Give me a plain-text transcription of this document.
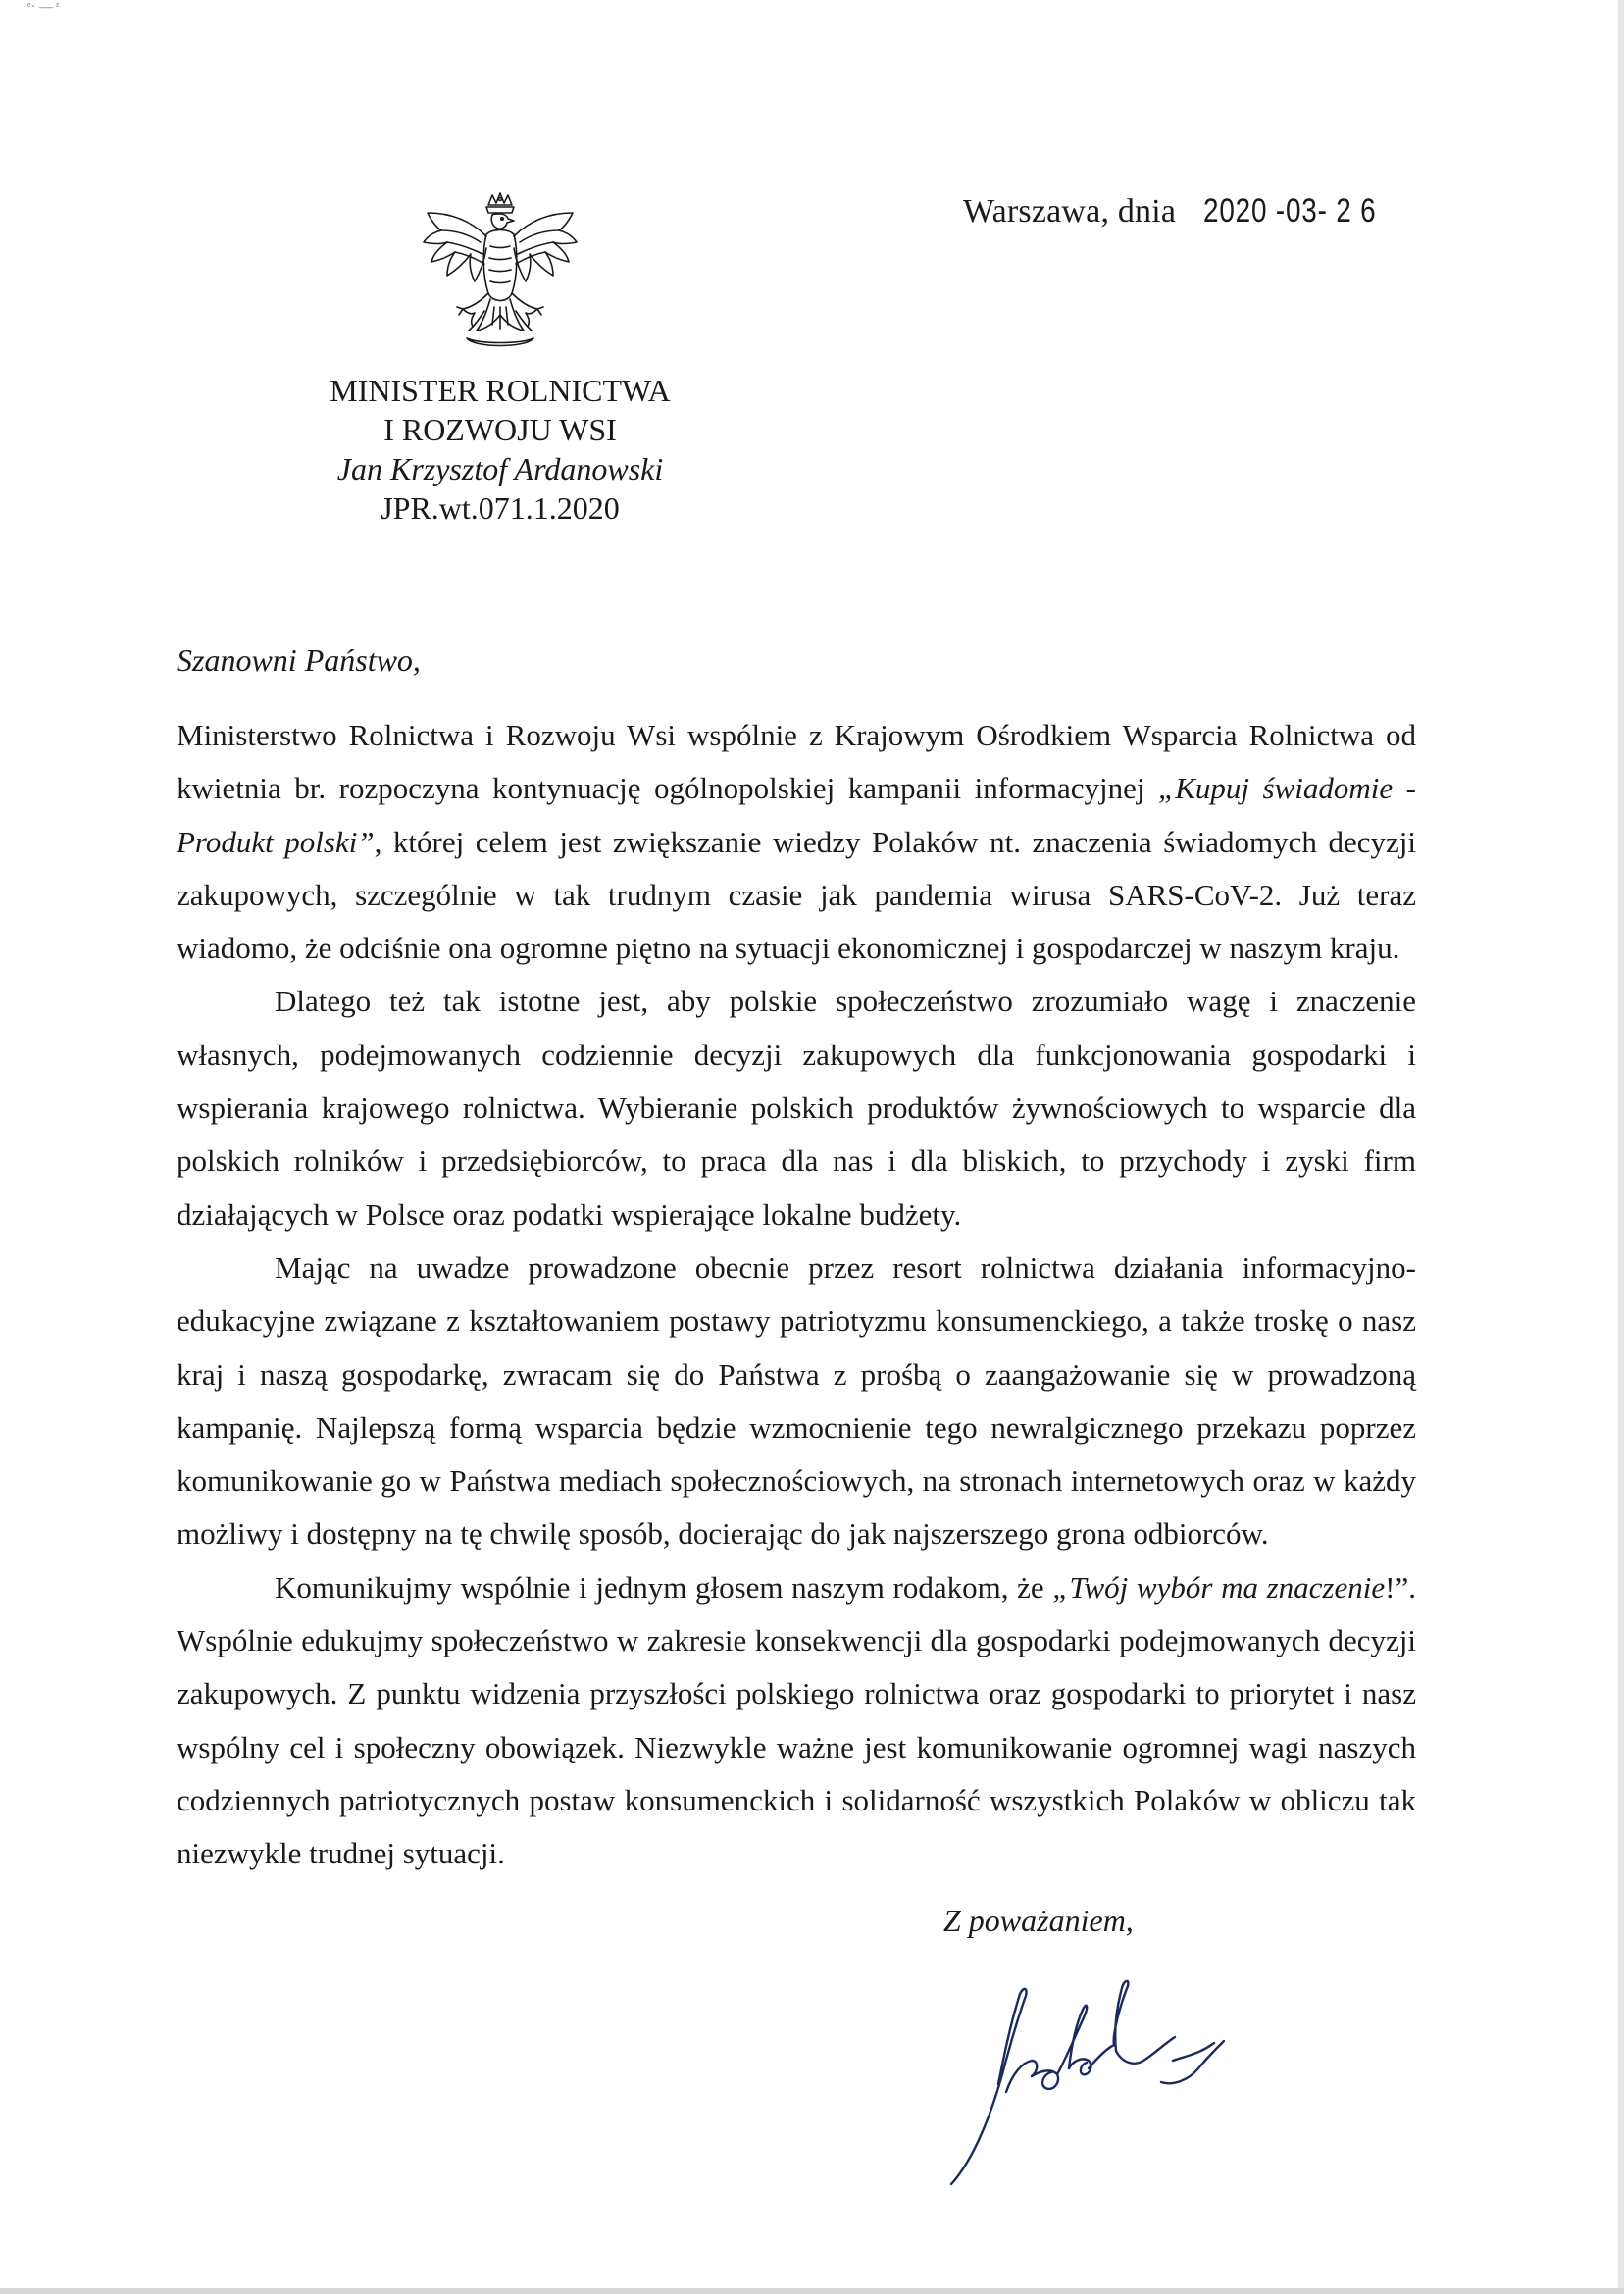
ᵉ· — ᵋ
Warszawa, dnia 2020 -03- 2 6
MINISTER ROLNICTWA
I ROZWOJU WSI
Jan Krzysztof Ardanowski
JPR.wt.071.1.2020
Szanowni Państwo,

Ministerstwo Rolnictwa i Rozwoju Wsi wspólnie z Krajowym Ośrodkiem Wsparcia Rolnictwa od kwietnia br. rozpoczyna kontynuację ogólnopolskiej kampanii informacyjnej „Kupuj świadomie - Produkt polski”, której celem jest zwiększanie wiedzy Polaków nt. znaczenia świadomych decyzji zakupowych, szczególnie w tak trudnym czasie jak pandemia wirusa SARS-CoV-2. Już teraz wiadomo, że odciśnie ona ogromne piętno na sytuacji ekonomicznej i gospodarczej w naszym kraju.

Dlatego też tak istotne jest, aby polskie społeczeństwo zrozumiało wagę i znaczenie własnych, podejmowanych codziennie decyzji zakupowych dla funkcjonowania gospodarki i wspierania krajowego rolnictwa. Wybieranie polskich produktów żywnościowych to wsparcie dla polskich rolników i przedsiębiorców, to praca dla nas i dla bliskich, to przychody i zyski firm działających w Polsce oraz podatki wspierające lokalne budżety.

Mając na uwadze prowadzone obecnie przez resort rolnictwa działania informacyjno-edukacyjne związane z kształtowaniem postawy patriotyzmu konsumenckiego, a także troskę o nasz kraj i naszą gospodarkę, zwracam się do Państwa z prośbą o zaangażowanie się w prowadzoną kampanię. Najlepszą formą wsparcia będzie wzmocnienie tego newralgicznego przekazu poprzez komunikowanie go w Państwa mediach społecznościowych, na stronach internetowych oraz w każdy możliwy i dostępny na tę chwilę sposób, docierając do jak najszerszego grona odbiorców.

Komunikujmy wspólnie i jednym głosem naszym rodakom, że „Twój wybór ma znaczenie!”. Wspólnie edukujmy społeczeństwo w zakresie konsekwencji dla gospodarki podejmowanych decyzji zakupowych. Z punktu widzenia przyszłości polskiego rolnictwa oraz gospodarki to priorytet i nasz wspólny cel i społeczny obowiązek. Niezwykle ważne jest komunikowanie ogromnej wagi naszych codziennych patriotycznych postaw konsumenckich i solidarność wszystkich Polaków w obliczu tak niezwykle trudnej sytuacji.

Z poważaniem,
